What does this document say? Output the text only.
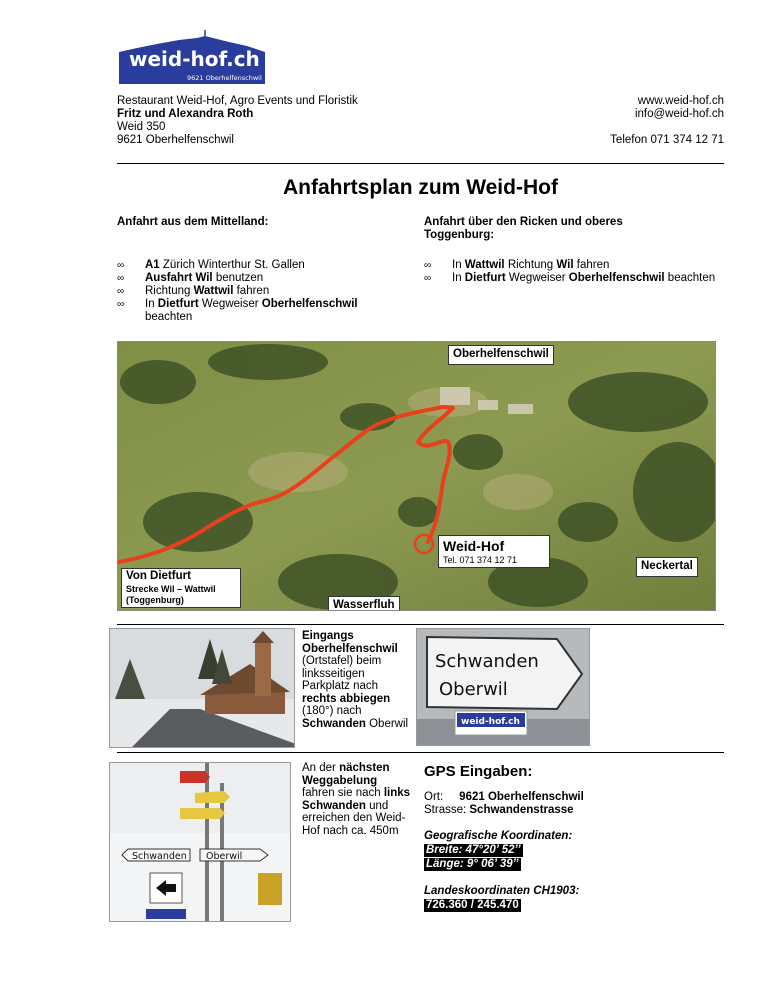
weid-hof.ch
9621 Oberhelfenschwil
Restaurant Weid-Hof, Agro Events und Floristik
Fritz und Alexandra Roth
Weid 350
9621 Oberhelfenschwil
www.weid-hof.ch
info@weid-hof.ch
Telefon 071 374 12 71
Anfahrtsplan zum Weid-Hof
Anfahrt aus dem Mittelland:
∞ A1 Zürich Winterthur St. Gallen
∞ Ausfahrt Wil benutzen
∞ Richtung Wattwil fahren
∞ In Dietfurt Wegweiser Oberhelfenschwil beachten
Anfahrt über den Ricken und oberes Toggenburg:
∞ In Wattwil Richtung Wil fahren
∞ In Dietfurt Wegweiser Oberhelfenschwil beachten
Oberhelfenschwil
Weid-Hof
Tel. 071 374 12 71
Neckertal
Von Dietfurt
Strecke Wil – Wattwil (Toggenburg)	Wasserfluh
Eingangs Oberhelfenschwil (Ortstafel) beim linksseitigen Parkplatz nach rechts abbiegen (180°) nach Schwanden Oberwil
Schwanden
Oberwil
weid-hof.ch
Schwanden Oberwil
An der nächsten Weggabelung fahren sie nach links Schwanden und erreichen den Weid-Hof nach ca. 450m
GPS Eingaben:
Ort: 9621 Oberhelfenschwil
Strasse: Schwandenstrasse
Geografische Koordinaten:
Breite: 47°20’ 52’’
Länge: 9° 06’ 39’’
Landeskoordinaten CH1903:
726.360 / 245.470
